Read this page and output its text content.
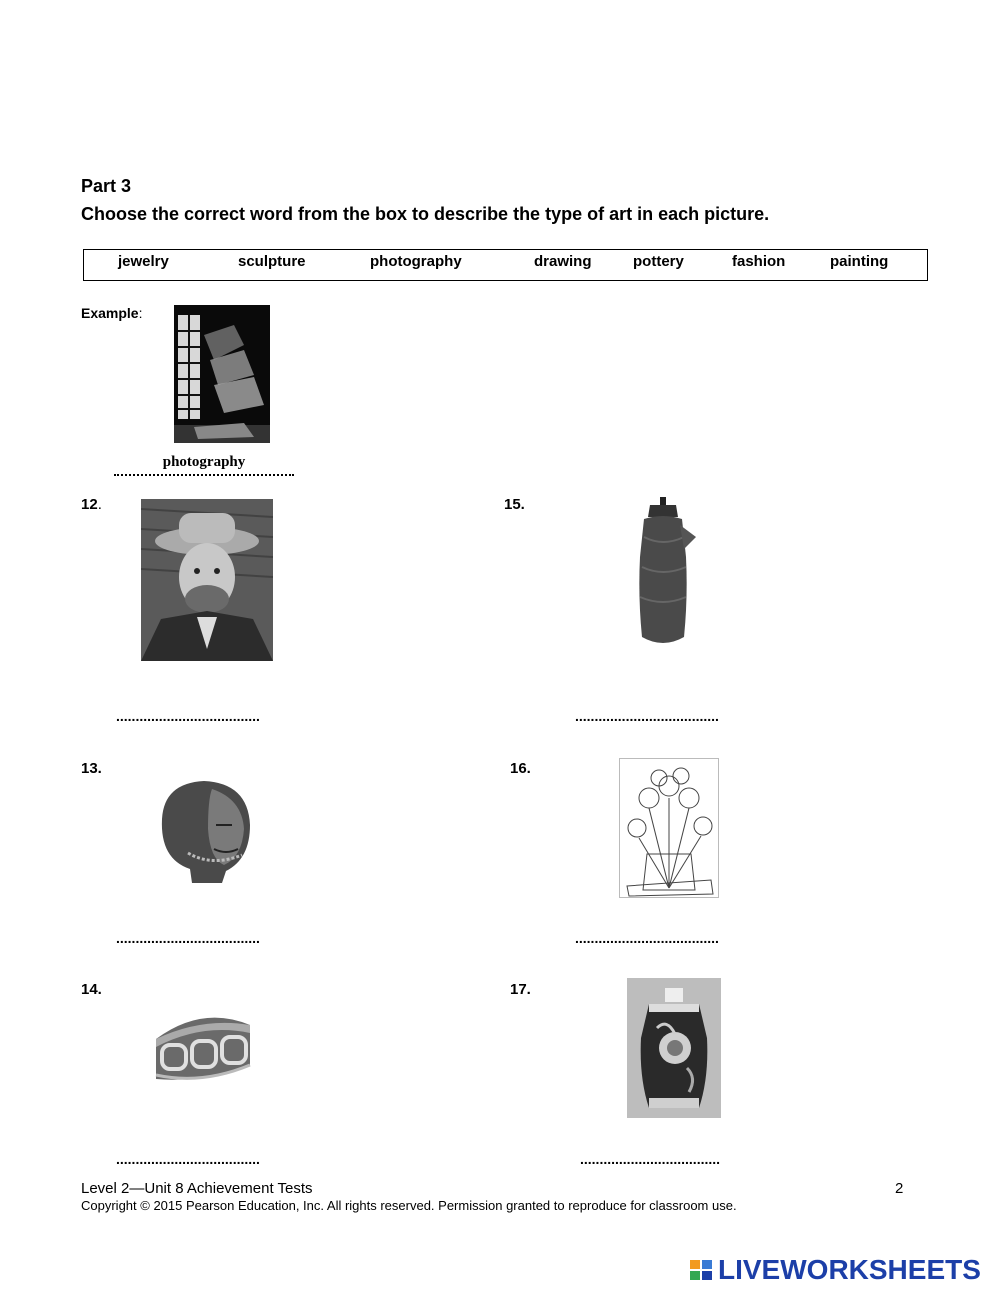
Part 3
Choose the correct word from the box to describe the type of art in each picture.
jewelry	sculpture	photography	drawing	pottery	fashion	painting
Example:
photography
12.
.....................................
15.
.....................................
13.
.....................................
16.
.....................................
14.
.....................................
17.
....................................
Level 2—Unit 8 Achievement Tests	2
Copyright © 2015 Pearson Education, Inc. All rights reserved. Permission granted to reproduce for classroom use.
LIVEWORKSHEETS
